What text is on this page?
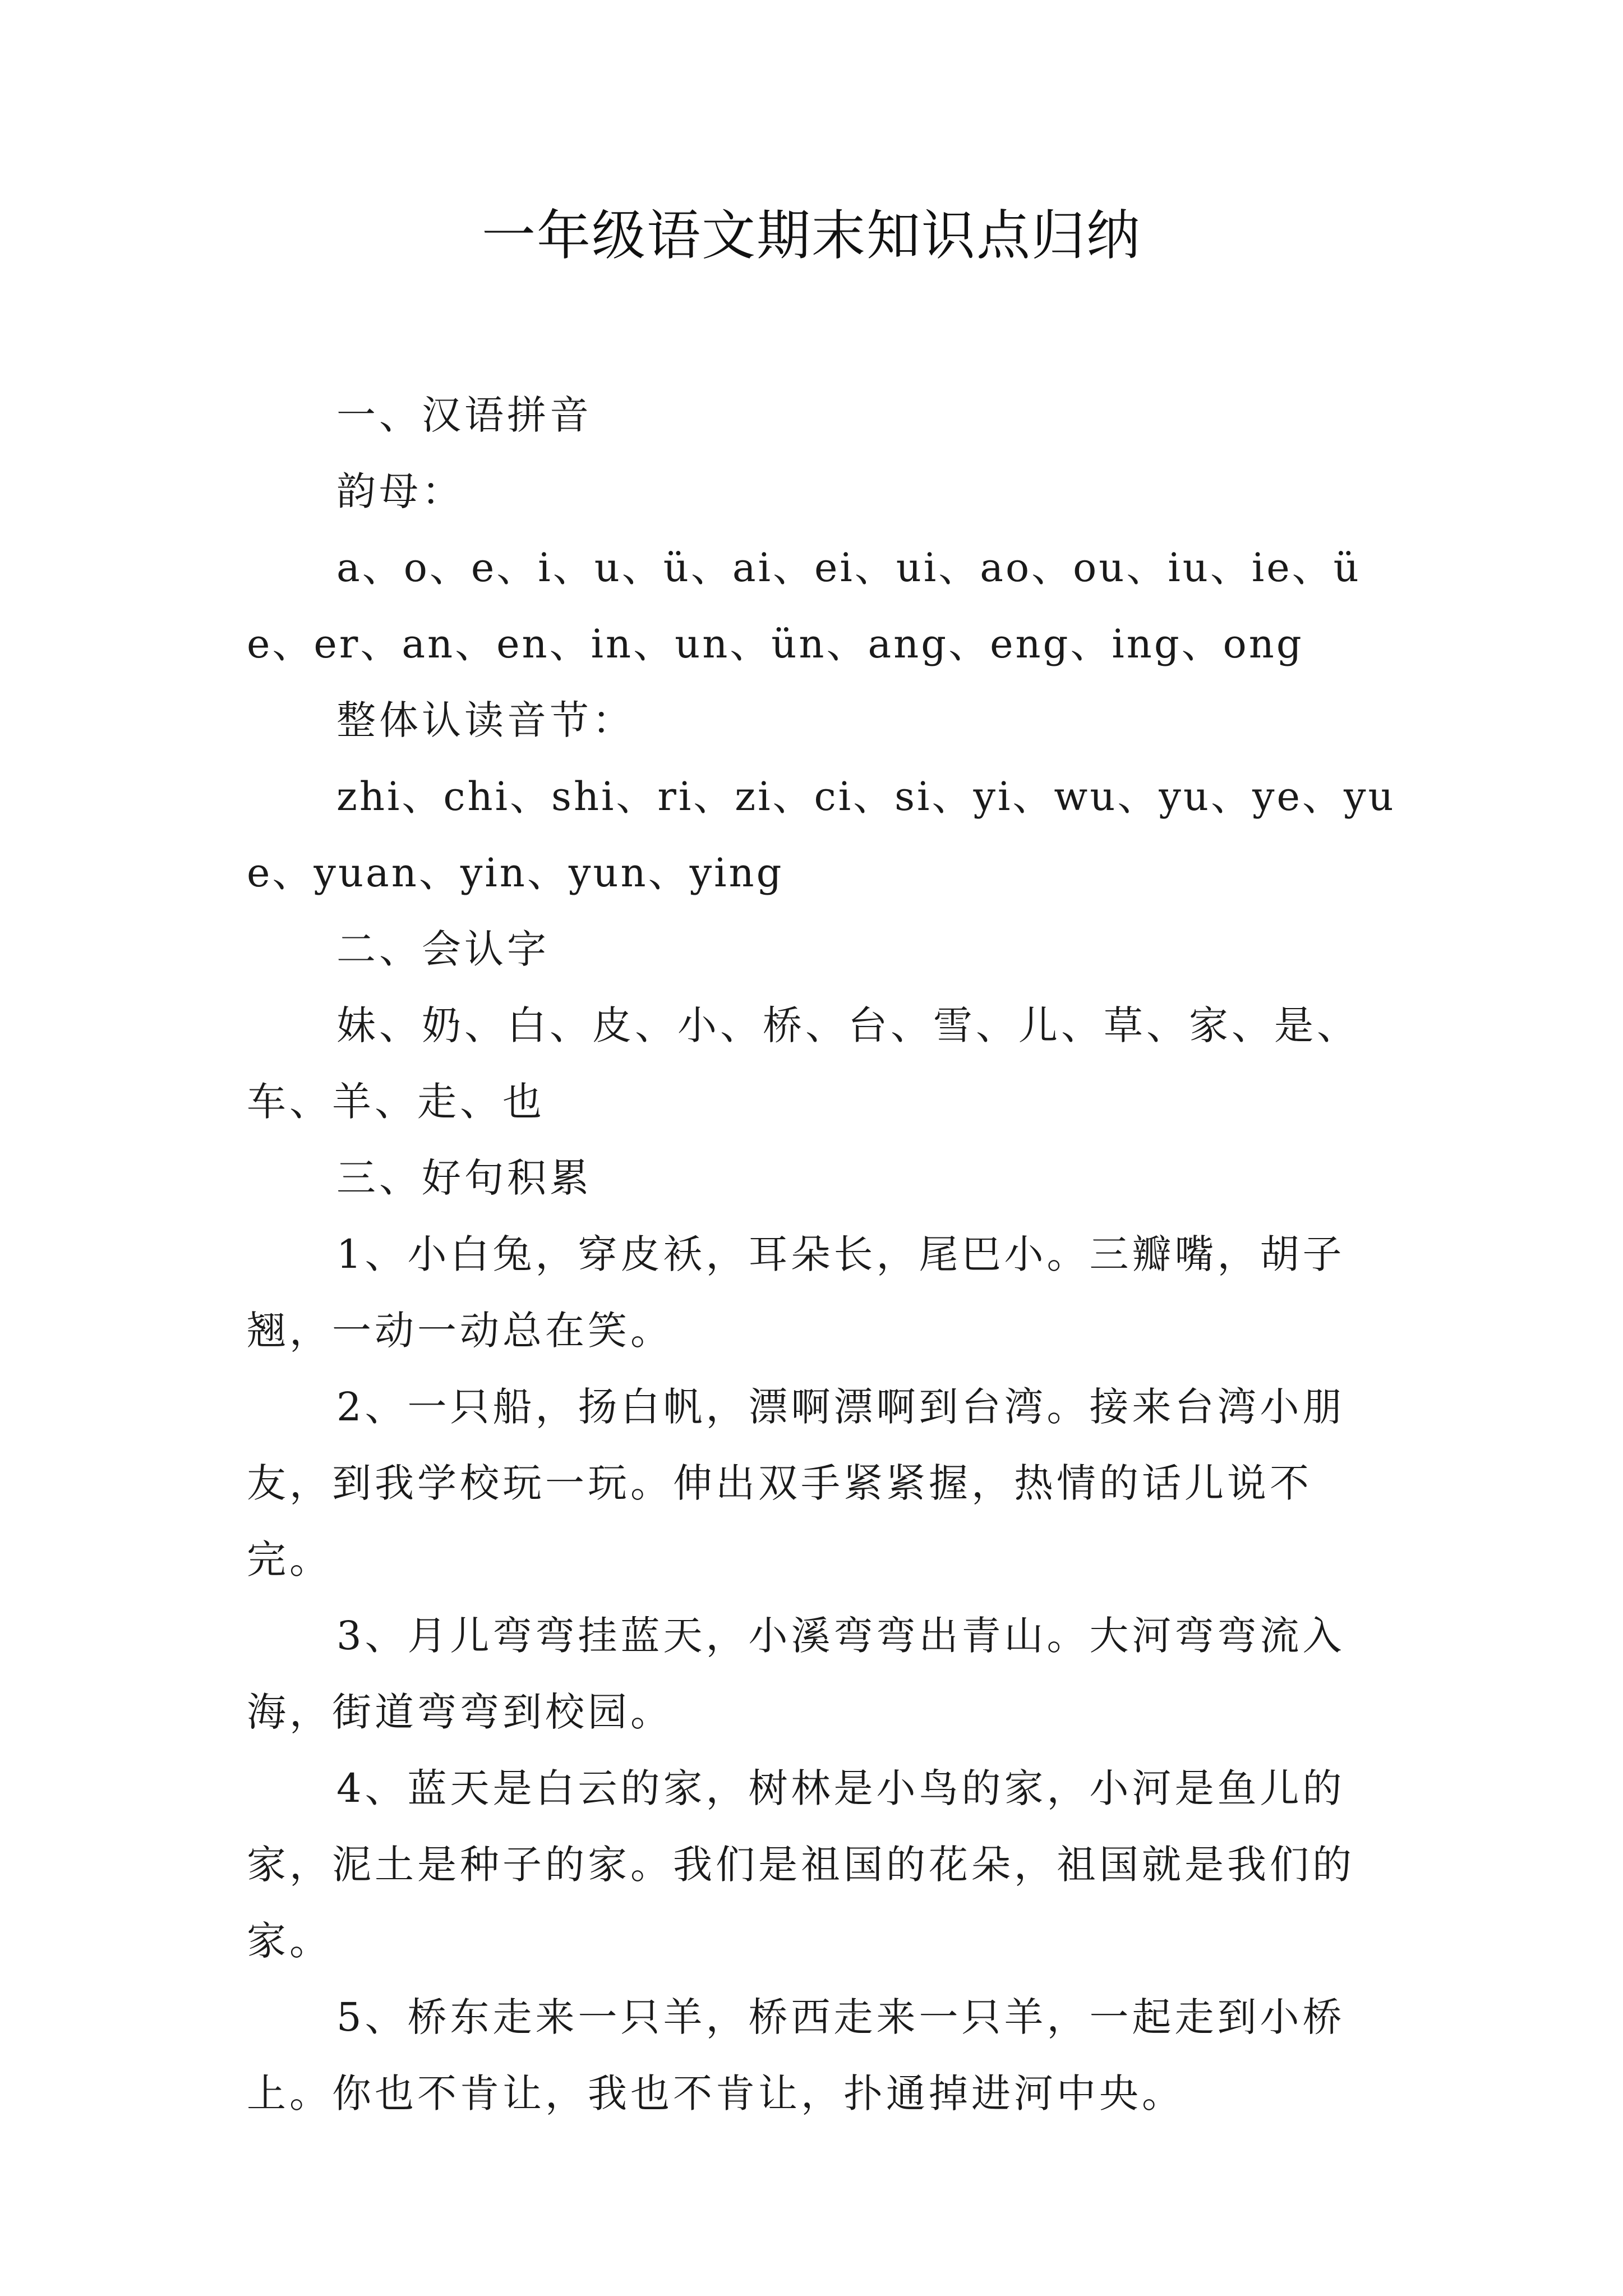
一年级语文期末知识点归纳

一、汉语拼音

韵母：

a、o、e、i、u、ü、ai、ei、ui、ao、ou、iu、ie、üe、er、an、en、in、un、ün、ang、eng、ing、ong

整体认读音节：

zhi、chi、shi、ri、zi、ci、si、yi、wu、yu、ye、yue、yuan、yin、yun、ying

二、会认字

妹、奶、白、皮、小、桥、台、雪、儿、草、家、是、车、羊、走、也

三、好句积累

1、小白兔，穿皮袄，耳朵长，尾巴小。三瓣嘴，胡子翘，一动一动总在笑。

2、一只船，扬白帆，漂啊漂啊到台湾。接来台湾小朋友，到我学校玩一玩。伸出双手紧紧握，热情的话儿说不完。

3、月儿弯弯挂蓝天，小溪弯弯出青山。大河弯弯流入海，街道弯弯到校园。

4、蓝天是白云的家，树林是小鸟的家，小河是鱼儿的家，泥土是种子的家。我们是祖国的花朵，祖国就是我们的家。

5、桥东走来一只羊，桥西走来一只羊，一起走到小桥上。你也不肯让，我也不肯让，扑通掉进河中央。
